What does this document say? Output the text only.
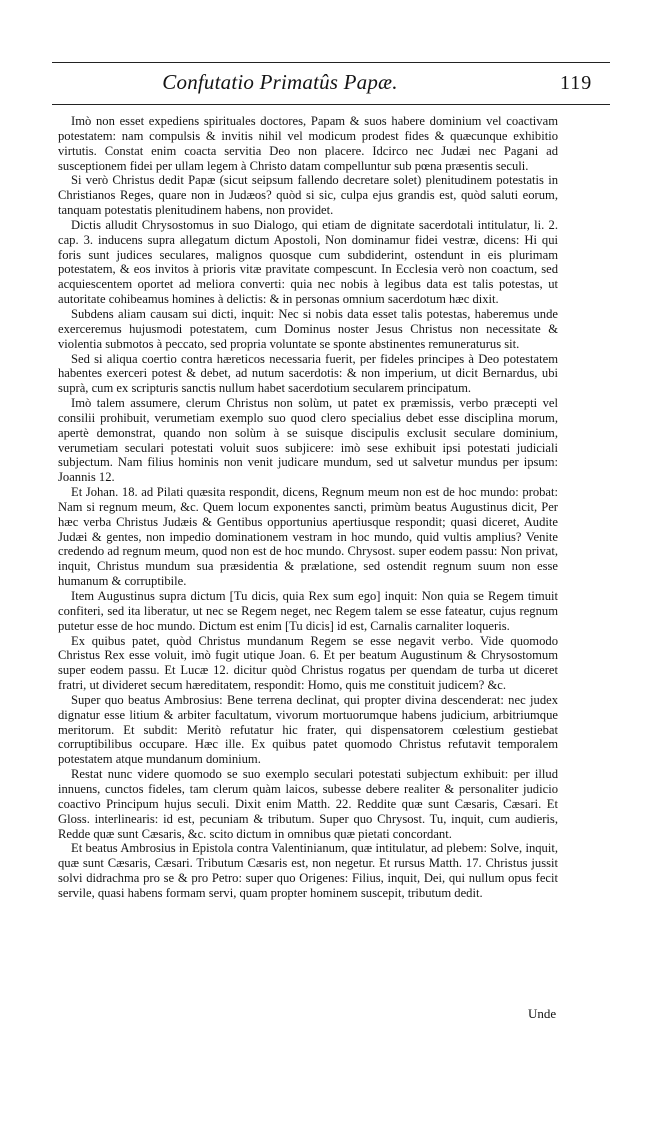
Confutatio Primatûs Papæ.	119

Imò non esset expediens spirituales doctores, Papam & suos habere dominium vel coactivam potestatem: nam compulsis & invitis nihil vel modicum prodest fides & quæcunque exhibitio virtutis. Constat enim coacta servitia Deo non placere. Idcirco nec Judæi nec Pagani ad susceptionem fidei per ullam legem à Christo datam compelluntur sub pœna præsentis seculi.

Si verò Christus dedit Papæ (sicut seipsum fallendo decretare solet) plenitudinem potestatis in Christianos Reges, quare non in Judæos? quòd si sic, culpa ejus grandis est, quòd saluti eorum, tanquam potestatis plenitudinem habens, non providet.

Dictis alludit Chrysostomus in suo Dialogo, qui etiam de dignitate sacerdotali intitulatur, li. 2. cap. 3. inducens supra allegatum dictum Apostoli, Non dominamur fidei vestræ, dicens: Hi qui foris sunt judices seculares, malignos quosque cum subdiderint, ostendunt in eis plurimam potestatem, & eos invitos à prioris vitæ pravitate compescunt. In Ecclesia verò non coactum, sed acquiescentem oportet ad meliora converti: quia nec nobis à legibus data est talis potestas, ut autoritate cohibeamus homines à delictis: & in personas omnium sacerdotum hæc dixit.

Subdens aliam causam sui dicti, inquit: Nec si nobis data esset talis potestas, haberemus unde exerceremus hujusmodi potestatem, cum Dominus noster Jesus Christus non necessitate & violentia submotos à peccato, sed propria voluntate se sponte abstinentes remuneraturus sit.

Sed si aliqua coertio contra hæreticos necessaria fuerit, per fideles principes à Deo potestatem habentes exerceri potest & debet, ad nutum sacerdotis: & non imperium, ut dicit Bernardus, ubi suprà, cum ex scripturis sanctis nullum habet sacerdotium secularem principatum.

Imò talem assumere, clerum Christus non solùm, ut patet ex præmissis, verbo præcepti vel consilii prohibuit, verumetiam exemplo suo quod clero specialius debet esse disciplina morum, apertè demonstrat, quando non solùm à se suisque discipulis exclusit seculare dominium, verumetiam seculari potestati voluit suos subjicere: imò sese exhibuit ipsi potestati judiciali subjectum. Nam filius hominis non venit judicare mundum, sed ut salvetur mundus per ipsum: Joannis 12.

Et Johan. 18. ad Pilati quæsita respondit, dicens, Regnum meum non est de hoc mundo: probat: Nam si regnum meum, &c. Quem locum exponentes sancti, primùm beatus Augustinus dicit, Per hæc verba Christus Judæis & Gentibus opportunius apertiusque respondit; quasi diceret, Audite Judæi & gentes, non impedio dominationem vestram in hoc mundo, quid vultis amplius? Venite credendo ad regnum meum, quod non est de hoc mundo. Chrysost. super eodem passu: Non privat, inquit, Christus mundum sua præsidentia & prælatione, sed ostendit regnum suum non esse humanum & corruptibile.

Item Augustinus supra dictum [Tu dicis, quia Rex sum ego] inquit: Non quia se Regem timuit confiteri, sed ita liberatur, ut nec se Regem neget, nec Regem talem se esse fateatur, cujus regnum putetur esse de hoc mundo. Dictum est enim [Tu dicis] id est, Carnalis carnaliter loqueris.

Ex quibus patet, quòd Christus mundanum Regem se esse negavit verbo. Vide quomodo Christus Rex esse voluit, imò fugit utique Joan. 6. Et per beatum Augustinum & Chrysostomum super eodem passu. Et Lucæ 12. dicitur quòd Christus rogatus per quendam de turba ut diceret fratri, ut divideret secum hæreditatem, respondit: Homo, quis me constituit judicem? &c.

Super quo beatus Ambrosius: Bene terrena declinat, qui propter divina descenderat: nec judex dignatur esse litium & arbiter facultatum, vivorum mortuorumque habens judicium, arbitriumque meritorum. Et subdit: Meritò refutatur hic frater, qui dispensatorem cœlestium gestiebat corruptibilibus occupare. Hæc ille. Ex quibus patet quomodo Christus refutavit temporalem potestatem atque mundanum dominium.

Restat nunc videre quomodo se suo exemplo seculari potestati subjectum exhibuit: per illud innuens, cunctos fideles, tam clerum quàm laicos, subesse debere realiter & personaliter judicio coactivo Principum hujus seculi. Dixit enim Matth. 22. Reddite quæ sunt Cæsaris, Cæsari. Et Gloss. interlinearis: id est, pecuniam & tributum. Super quo Chrysost. Tu, inquit, cum audieris, Redde quæ sunt Cæsaris, &c. scito dictum in omnibus quæ pietati concordant.

Et beatus Ambrosius in Epistola contra Valentinianum, quæ intitulatur, ad plebem: Solve, inquit, quæ sunt Cæsaris, Cæsari. Tributum Cæsaris est, non negetur. Et rursus Matth. 17. Christus jussit solvi didrachma pro se & pro Petro: super quo Origenes: Filius, inquit, Dei, qui nullum opus fecit servile, quasi habens formam servi, quam propter hominem suscepit, tributum dedit.

Unde
